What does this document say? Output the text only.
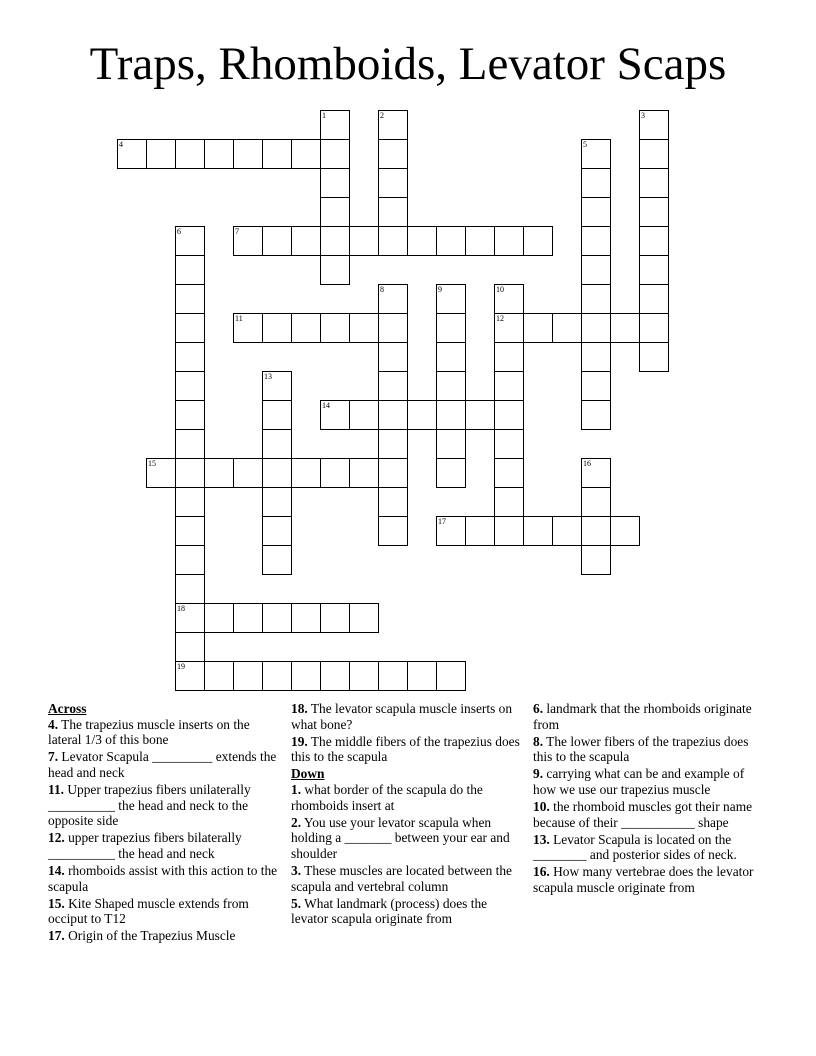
Traps, Rhomboids, Levator Scaps
1	2	3
4	5
6	7
8	9	10
11	12
13
14
15	16
17
18
19
Across
4. The trapezius muscle inserts on the lateral 1/3 of this bone
7. Levator Scapula _________ extends the head and neck
11. Upper trapezius fibers unilaterally __________ the head and neck to the opposite side
12. upper trapezius fibers bilaterally __________ the head and neck
14. rhomboids assist with this action to the scapula
15. Kite Shaped muscle extends from occiput to T12
17. Origin of the Trapezius Muscle
18. The levator scapula muscle inserts on what bone?
19. The middle fibers of the trapezius does this to the scapula
Down
1. what border of the scapula do the rhomboids insert at
2. You use your levator scapula when holding a _______ between your ear and shoulder
3. These muscles are located between the scapula and vertebral column
5. What landmark (process) does the levator scapula originate from
6. landmark that the rhomboids originate from
8. The lower fibers of the trapezius does this to the scapula
9. carrying what can be and example of how we use our trapezius muscle
10. the rhomboid muscles got their name because of their ___________ shape
13. Levator Scapula is located on the ________ and posterior sides of neck.
16. How many vertebrae does the levator scapula muscle originate from
